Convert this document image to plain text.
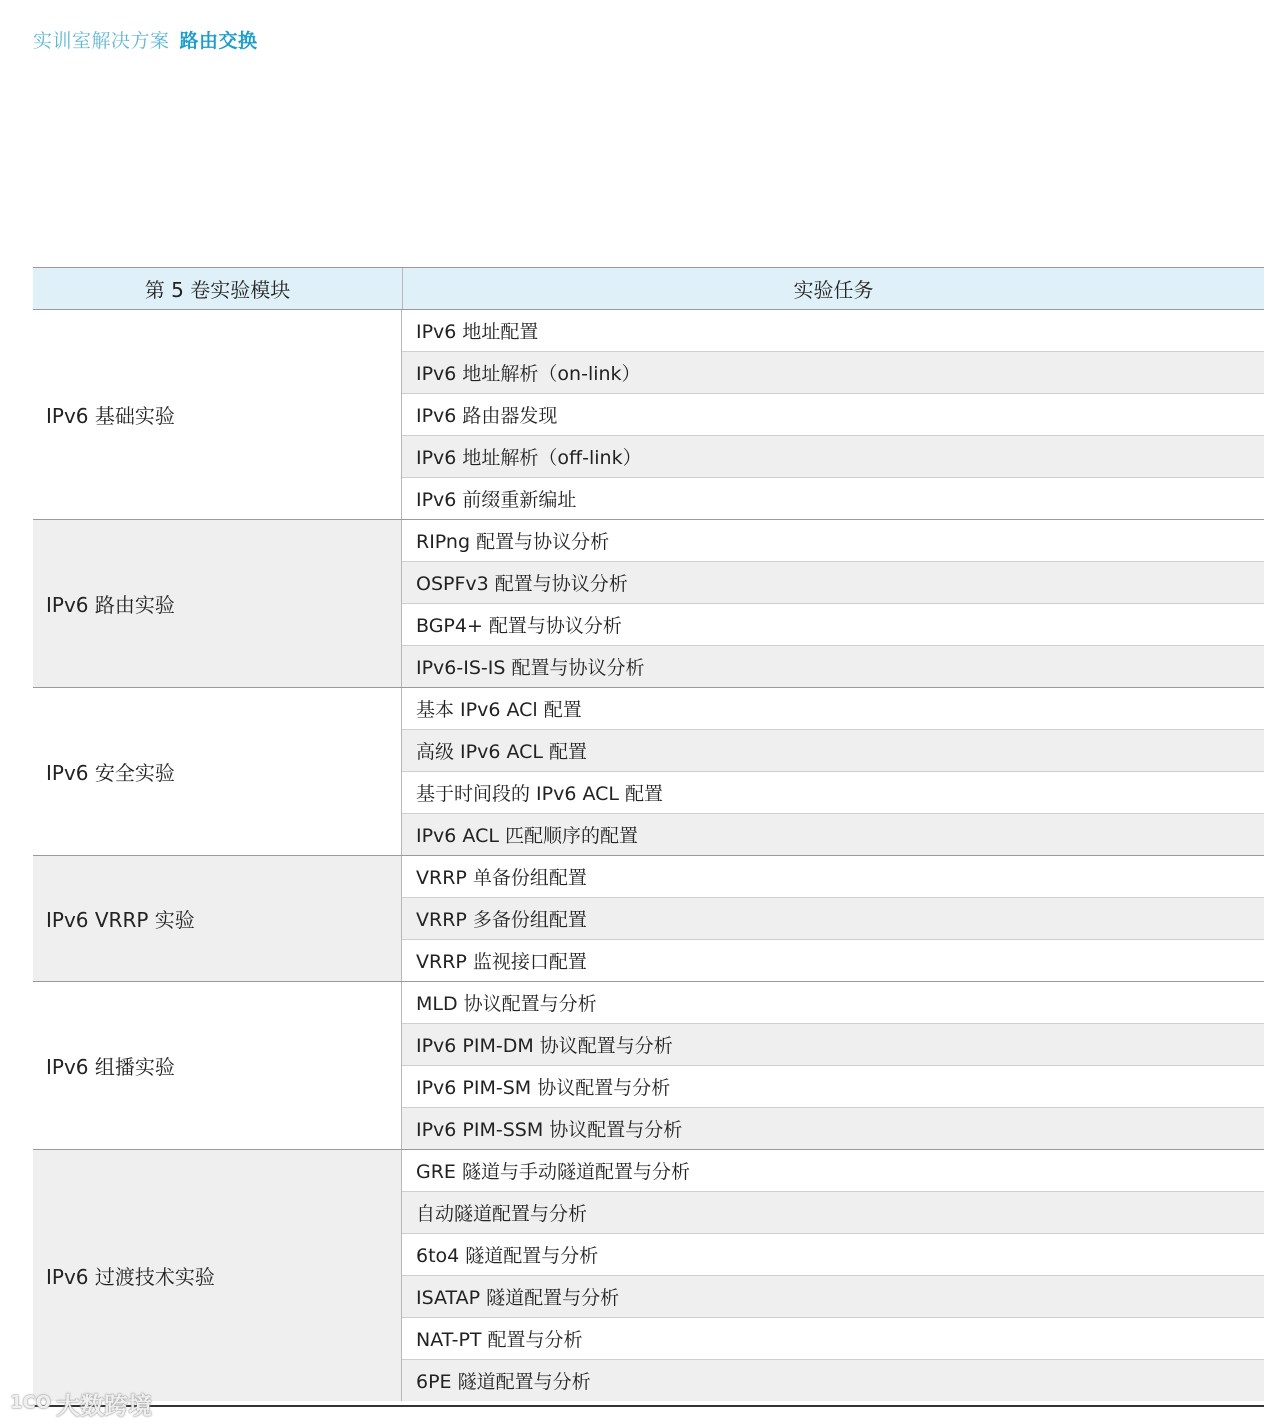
实训室解决方案 路由交换
第 5 卷实验模块	实验任务
IPv6 基础实验
IPv6 地址配置
IPv6 地址解析（on-link）
IPv6 路由器发现
IPv6 地址解析（off-link）
IPv6 前缀重新编址
IPv6 路由实验
RIPng 配置与协议分析
OSPFv3 配置与协议分析
BGP4+ 配置与协议分析
IPv6-IS-IS 配置与协议分析
IPv6 安全实验
基本 IPv6 ACl 配置
高级 IPv6 ACL 配置
基于时间段的 IPv6 ACL 配置
IPv6 ACL 匹配顺序的配置
IPv6 VRRP 实验
VRRP 单备份组配置
VRRP 多备份组配置
VRRP 监视接口配置
IPv6 组播实验
MLD 协议配置与分析
IPv6 PIM-DM 协议配置与分析
IPv6 PIM-SM 协议配置与分析
IPv6 PIM-SSM 协议配置与分析
IPv6 过渡技术实验
GRE 隧道与手动隧道配置与分析
自动隧道配置与分析
6to4 隧道配置与分析
ISATAP 隧道配置与分析
NAT-PT 配置与分析
6PE 隧道配置与分析
1CO 大数跨境
